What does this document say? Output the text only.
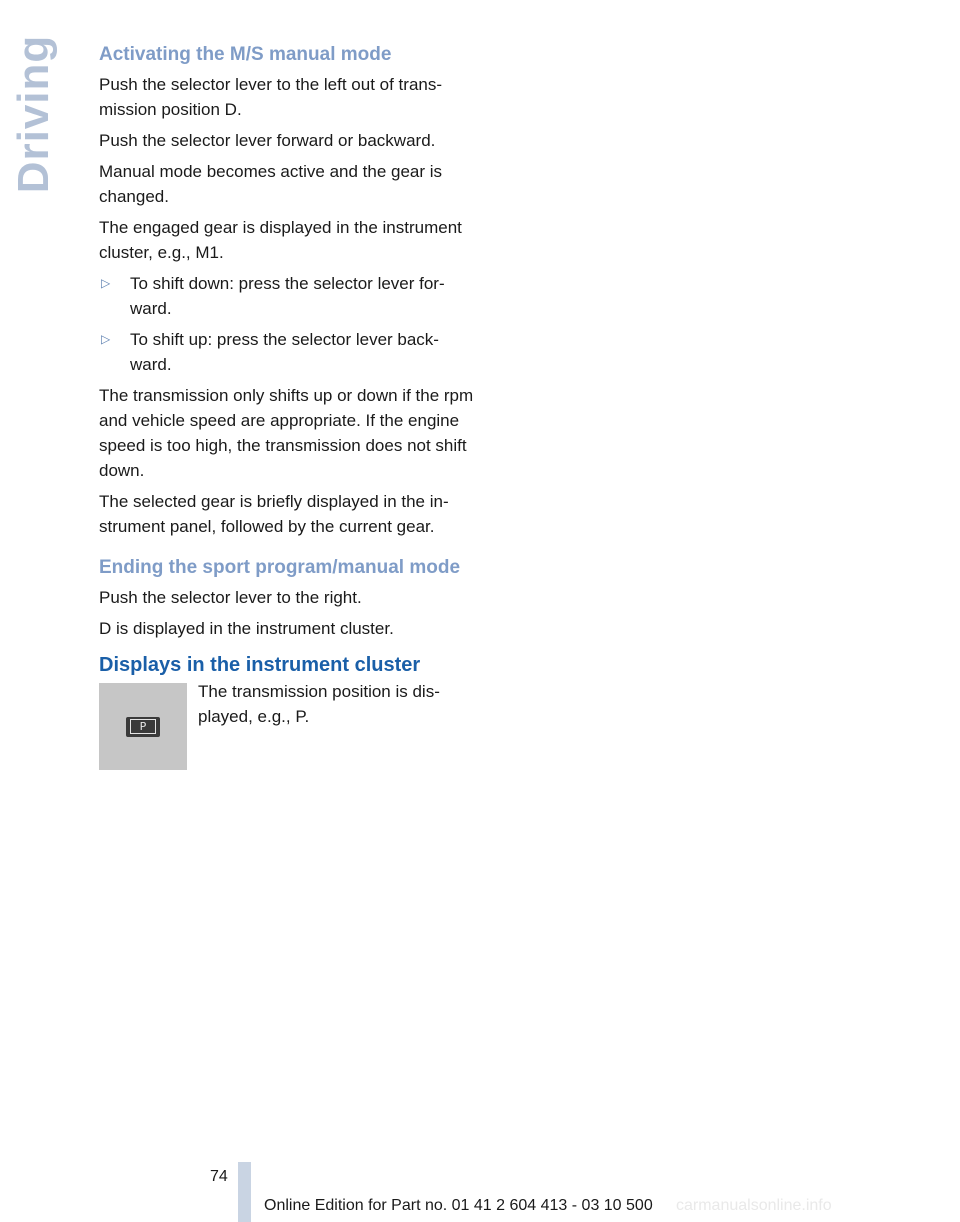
Driving Activating the M/S manual mode

Push the selector lever to the left out of trans-mission position D.

Push the selector lever forward or backward.

Manual mode becomes active and the gear is changed.

The engaged gear is displayed in the instrument cluster, e.g., M1.

▷	To shift down: press the selector lever for-ward.
▷	To shift up: press the selector lever back-ward.

The transmission only shifts up or down if the rpm and vehicle speed are appropriate. If the engine speed is too high, the transmission does not shift down.

The selected gear is briefly displayed in the in-strument panel, followed by the current gear.

Ending the sport program/manual mode

Push the selector lever to the right.

D is displayed in the instrument cluster.

Displays in the instrument cluster
P
The transmission position is dis-played, e.g., P.
74
Online Edition for Part no. 01 41 2 604 413 - 03 10 500 carmanualsonline.info
